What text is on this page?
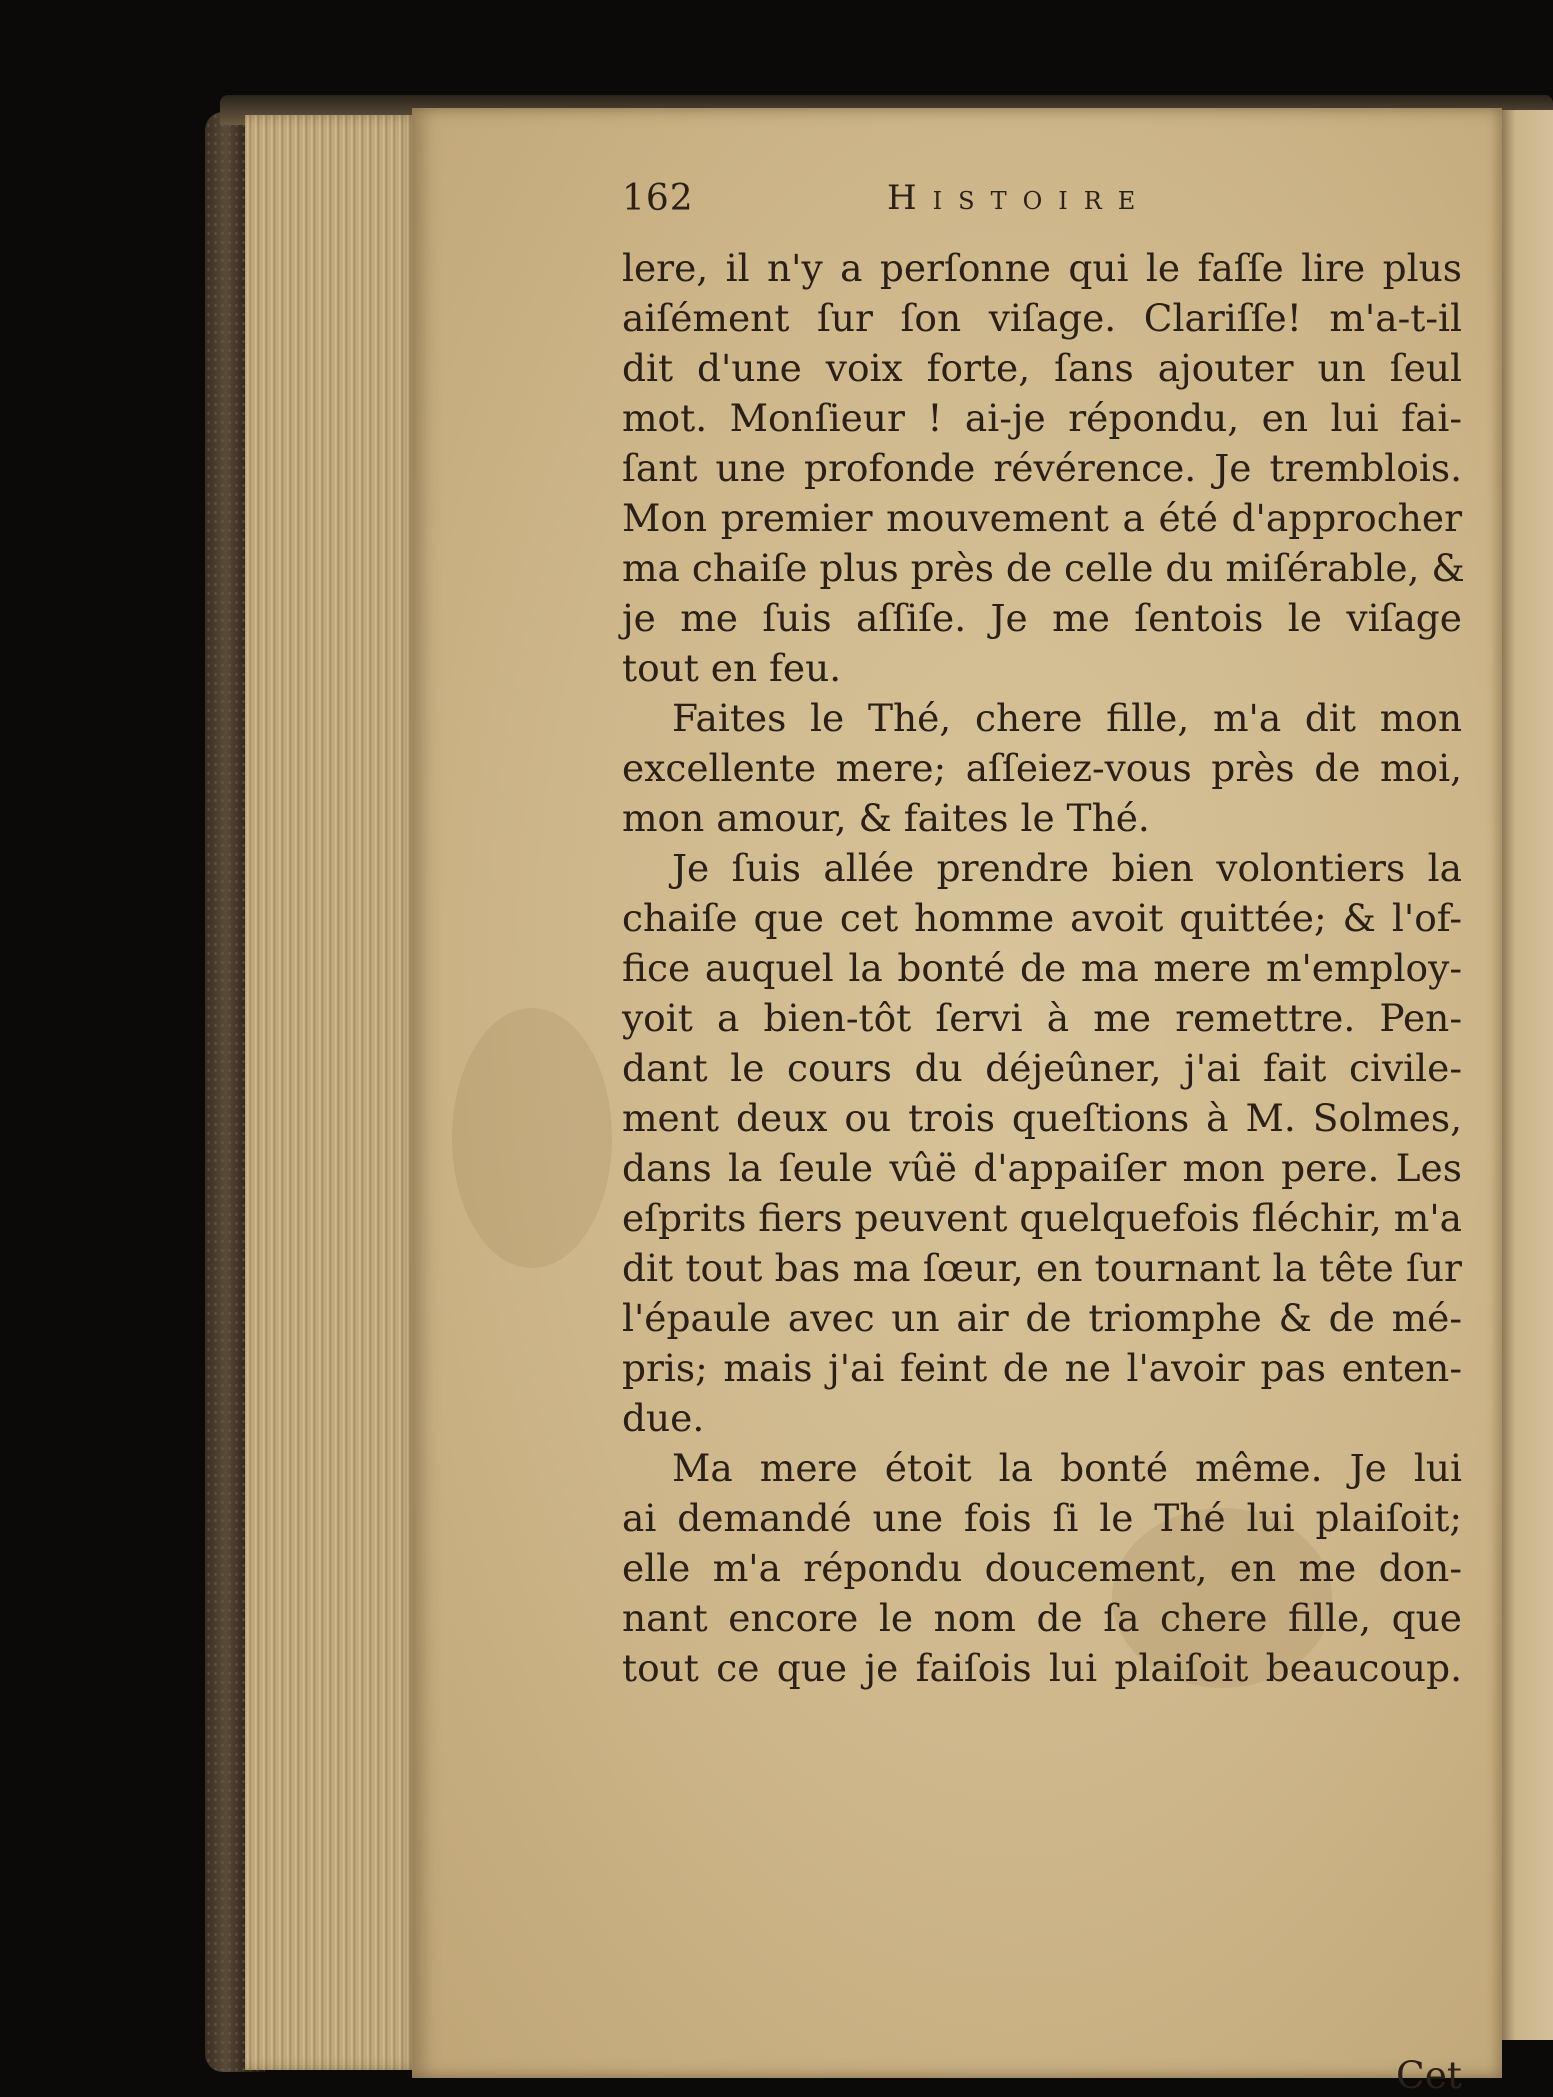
162	Histoire
lere, il n'y a perſonne qui le faſſe lire plus
aiſément ſur ſon viſage. Clariſſe! m'a-t-il
dit d'une voix forte, ſans ajouter un ſeul
mot. Monſieur ! ai-je répondu, en lui fai-
ſant une profonde révérence. Je tremblois.
Mon premier mouvement a été d'approcher
ma chaiſe plus près de celle du miſérable, &
je me ſuis aſſiſe. Je me ſentois le viſage
tout en feu.
Faites le Thé, chere fille, m'a dit mon
excellente mere; aſſeiez-vous près de moi,
mon amour, & faites le Thé.
Je ſuis allée prendre bien volontiers la
chaiſe que cet homme avoit quittée; & l'of-
fice auquel la bonté de ma mere m'employ-
yoit a bien-tôt ſervi à me remettre. Pen-
dant le cours du déjeûner, j'ai fait civile-
ment deux ou trois queſtions à M. Solmes,
dans la ſeule vûë d'appaiſer mon pere. Les
eſprits fiers peuvent quelquefois fléchir, m'a
dit tout bas ma ſœur, en tournant la tête ſur
l'épaule avec un air de triomphe & de mé-
pris; mais j'ai feint de ne l'avoir pas enten-
due.
Ma mere étoit la bonté même. Je lui
ai demandé une fois ſi le Thé lui plaiſoit;
elle m'a répondu doucement, en me don-
nant encore le nom de ſa chere fille, que
tout ce que je faiſois lui plaiſoit beaucoup.
Cet
